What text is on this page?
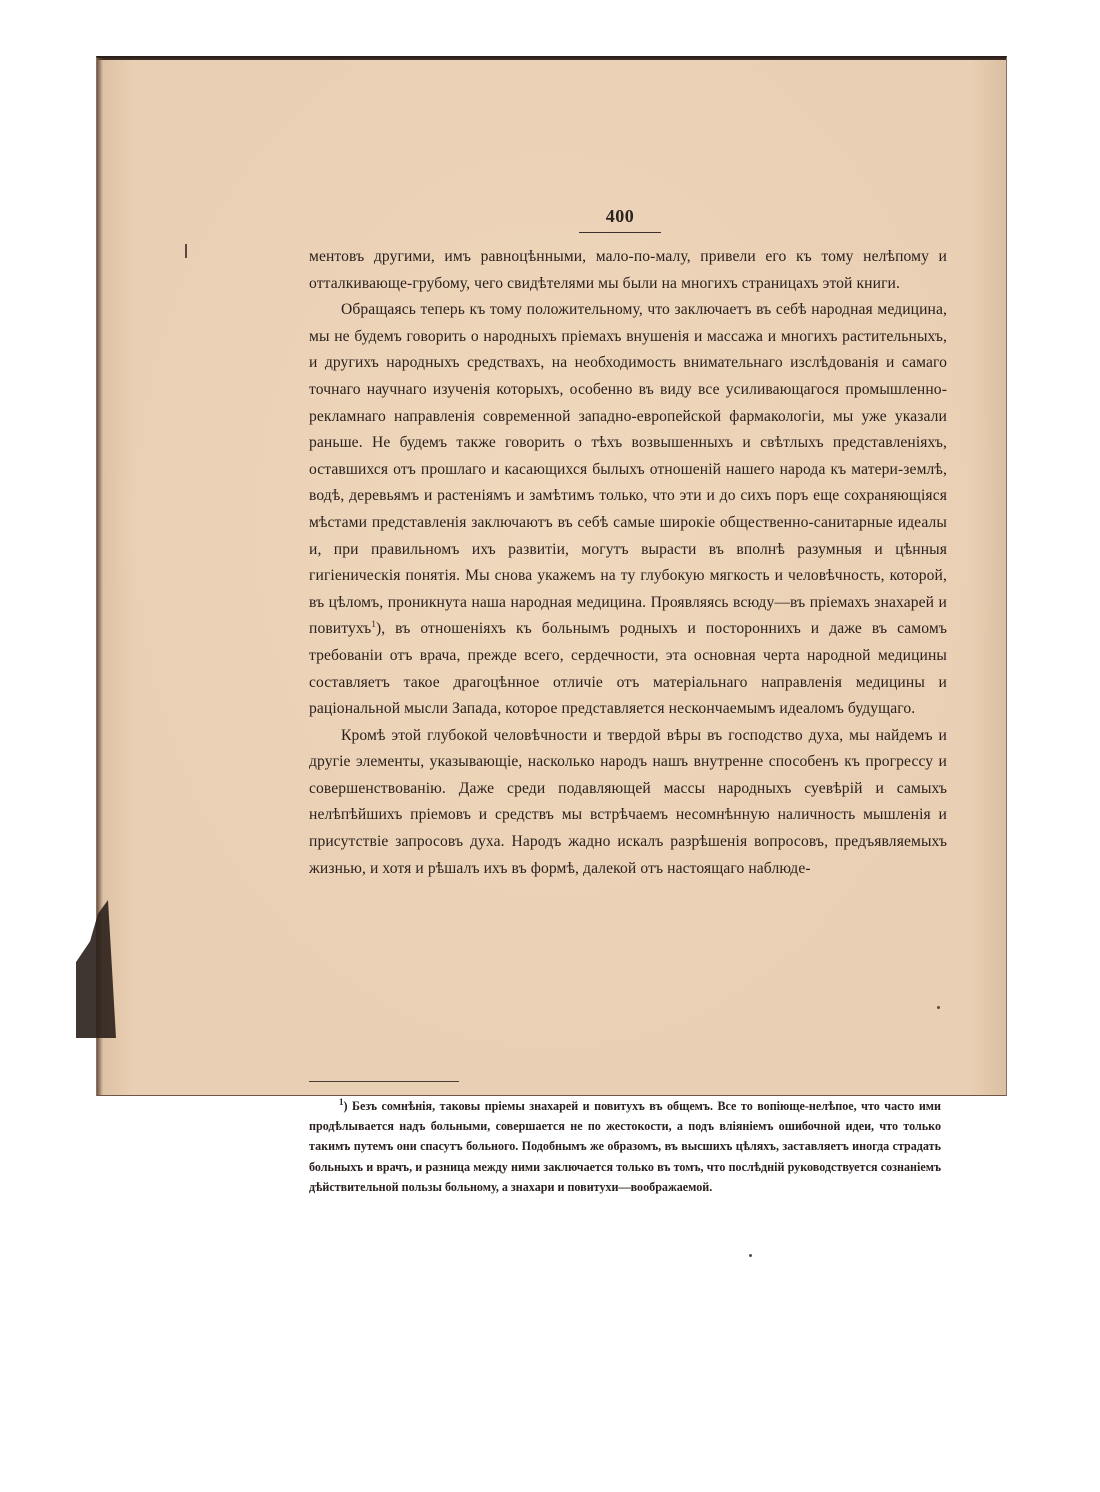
400

ментовъ другими, имъ равноцѣнными, мало-по-малу, привели его къ тому нелѣпому и отталкивающе-грубому, чего свидѣтелями мы были на многихъ страницахъ этой книги.

Обращаясь теперь къ тому положительному, что заключаетъ въ себѣ народная медицина, мы не будемъ говорить о народныхъ пріемахъ внушенія и массажа и многихъ растительныхъ, и другихъ народныхъ средствахъ, на необходимость внимательнаго изслѣдованія и самаго точнаго научнаго изученія которыхъ, особенно въ виду все усиливающагося промышленно-рекламнаго направленія современной западно-европейской фармакологіи, мы уже указали раньше. Не будемъ также говорить о тѣхъ возвышенныхъ и свѣтлыхъ представленіяхъ, оставшихся отъ прошлаго и касающихся былыхъ отношеній нашего народа къ матери-землѣ, водѣ, деревьямъ и растеніямъ и замѣтимъ только, что эти и до сихъ поръ еще сохраняющіяся мѣстами представленія заключаютъ въ себѣ самые широкіе общественно-санитарные идеалы и, при правильномъ ихъ развитіи, могутъ вырасти въ вполнѣ разумныя и цѣнныя гигіеническія понятія. Мы снова укажемъ на ту глубокую мягкость и человѣчность, которой, въ цѣломъ, проникнута наша народная медицина. Проявляясь всюду—въ пріемахъ знахарей и повитухъ$^1$), въ отношеніяхъ къ больнымъ родныхъ и постороннихъ и даже въ самомъ требованіи отъ врача, прежде всего, сердечности, эта основная черта народной медицины составляетъ такое драгоцѣнное отличіе отъ матеріальнаго направленія медицины и раціональной мысли Запада, которое представляется нескончаемымъ идеаломъ будущаго.

Кромѣ этой глубокой человѣчности и твердой вѣры въ господство духа, мы найдемъ и другіе элементы, указывающіе, насколько народъ нашъ внутренне способенъ къ прогрессу и совершенствованію. Даже среди подавляющей массы народныхъ суевѣрій и самыхъ нелѣпѣйшихъ пріемовъ и средствъ мы встрѣчаемъ несомнѣнную наличность мышленія и присутствіе запросовъ духа. Народъ жадно искалъ разрѣшенія вопросовъ, предъявляемыхъ жизнью, и хотя и рѣшалъ ихъ въ формѣ, далекой отъ настоящаго наблюде-

$^1$) Безъ сомнѣнія, таковы пріемы знахарей и повитухъ въ общемъ. Все то вопіюще-нелѣпое, что часто ими продѣлывается надъ больными, совершается не по жестокости, а подъ вліяніемъ ошибочной идеи, что только такимъ путемъ они спасутъ больного. Подобнымъ же образомъ, въ высшихъ цѣляхъ, заставляетъ иногда страдать больныхъ и врачъ, и разница между ними заключается только въ томъ, что послѣдній руководствуется сознаніемъ дѣйствительной пользы больному, а знахари и повитухи—воображаемой.
